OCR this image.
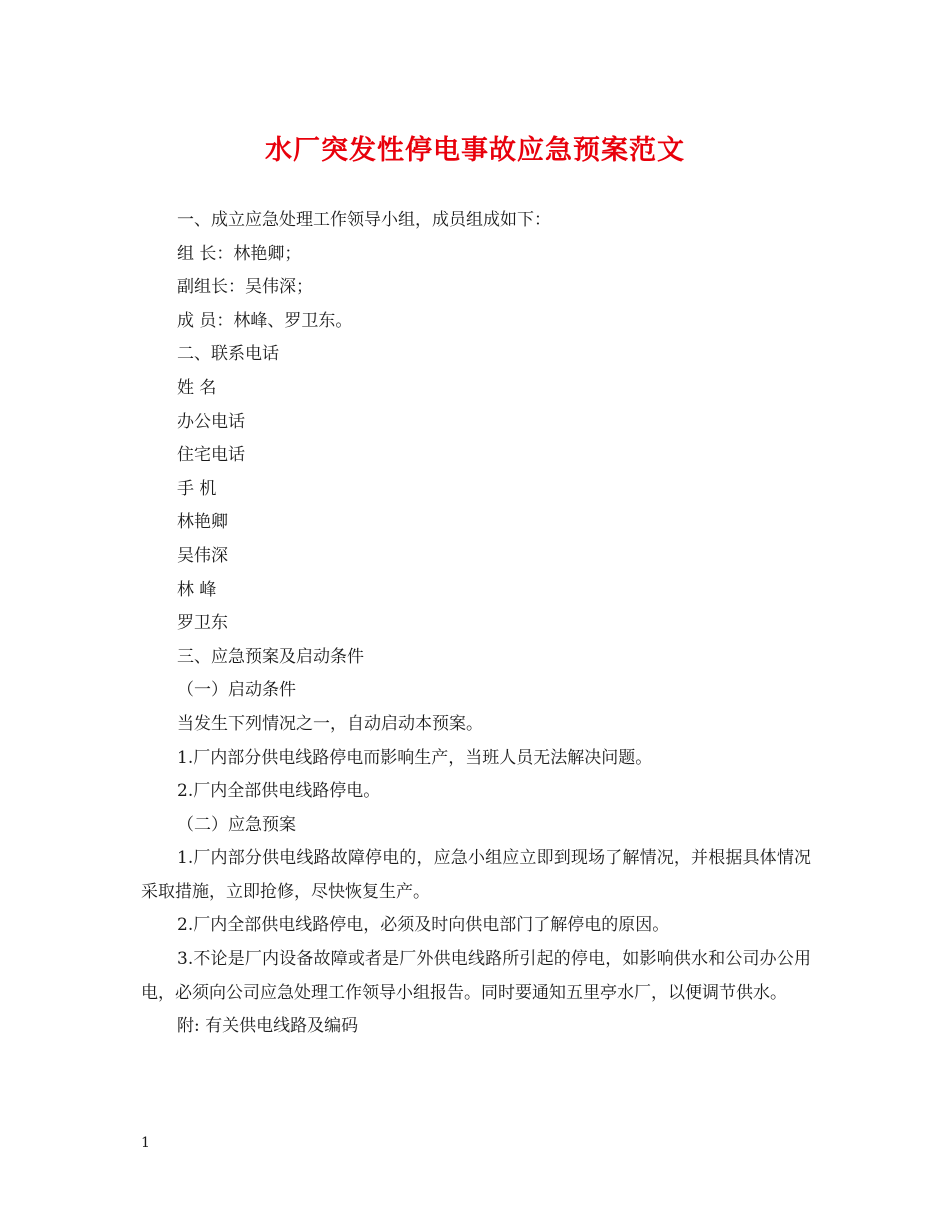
水厂突发性停电事故应急预案范文
一、成立应急处理工作领导小组，成员组成如下：
组 长：林艳卿；
副组长：吴伟深；
成 员：林峰、罗卫东。
二、联系电话
姓 名
办公电话
住宅电话
手 机
林艳卿
吴伟深
林 峰
罗卫东
三、应急预案及启动条件
（一）启动条件
当发生下列情况之一，自动启动本预案。
1.厂内部分供电线路停电而影响生产，当班人员无法解决问题。
2.厂内全部供电线路停电。
（二）应急预案
1.厂内部分供电线路故障停电的，应急小组应立即到现场了解情况，并根据具体情况采取措施，立即抢修，尽快恢复生产。
2.厂内全部供电线路停电，必须及时向供电部门了解停电的原因。
3.不论是厂内设备故障或者是厂外供电线路所引起的停电，如影响供水和公司办公用电，必须向公司应急处理工作领导小组报告。同时要通知五里亭水厂，以便调节供水。
附: 有关供电线路及编码
1
